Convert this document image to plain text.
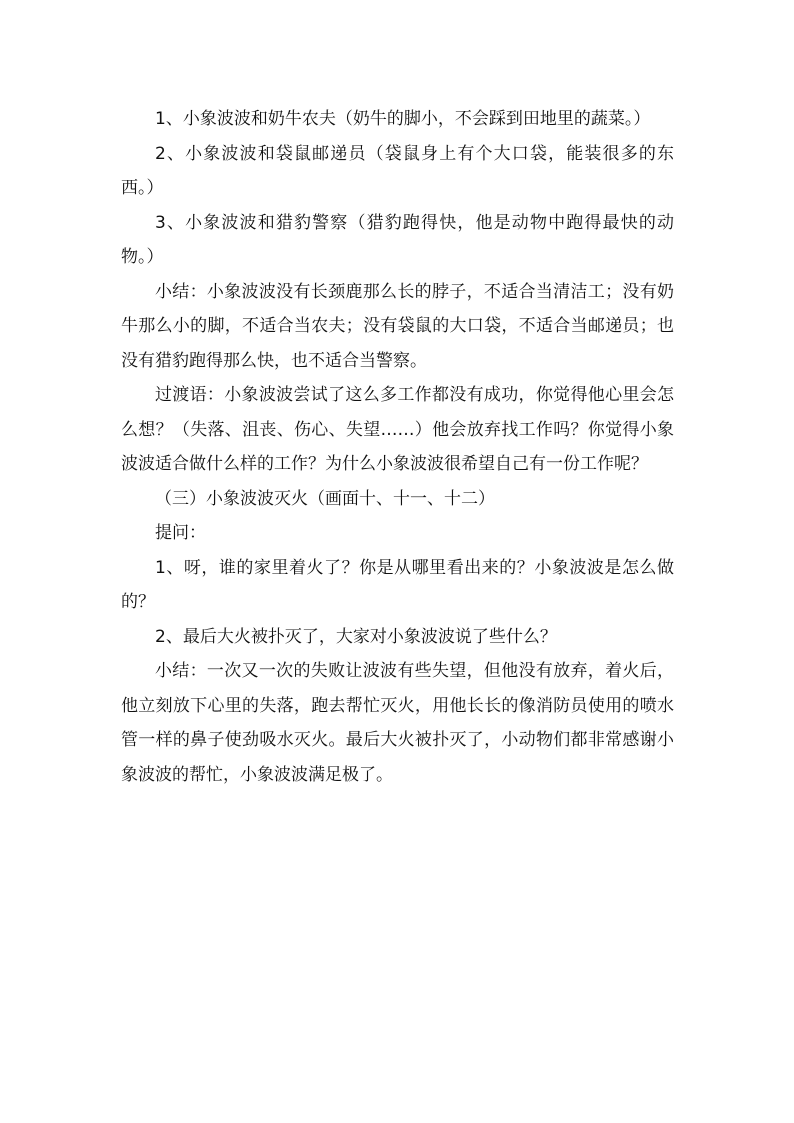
1、小象波波和奶牛农夫（奶牛的脚小，不会踩到田地里的蔬菜。）

2、小象波波和袋鼠邮递员（袋鼠身上有个大口袋，能装很多的东西。）

3、小象波波和猎豹警察（猎豹跑得快，他是动物中跑得最快的动物。）

小结：小象波波没有长颈鹿那么长的脖子，不适合当清洁工；没有奶牛那么小的脚，不适合当农夫；没有袋鼠的大口袋，不适合当邮递员；也没有猎豹跑得那么快，也不适合当警察。

过渡语：小象波波尝试了这么多工作都没有成功，你觉得他心里会怎么想？（失落、沮丧、伤心、失望……）他会放弃找工作吗？你觉得小象波波适合做什么样的工作？为什么小象波波很希望自己有一份工作呢？

（三）小象波波灭火（画面十、十一、十二）

提问：

1、呀，谁的家里着火了？你是从哪里看出来的？小象波波是怎么做的？

2、最后大火被扑灭了，大家对小象波波说了些什么？

小结：一次又一次的失败让波波有些失望，但他没有放弃，着火后，他立刻放下心里的失落，跑去帮忙灭火，用他长长的像消防员使用的喷水管一样的鼻子使劲吸水灭火。最后大火被扑灭了，小动物们都非常感谢小象波波的帮忙，小象波波满足极了。
